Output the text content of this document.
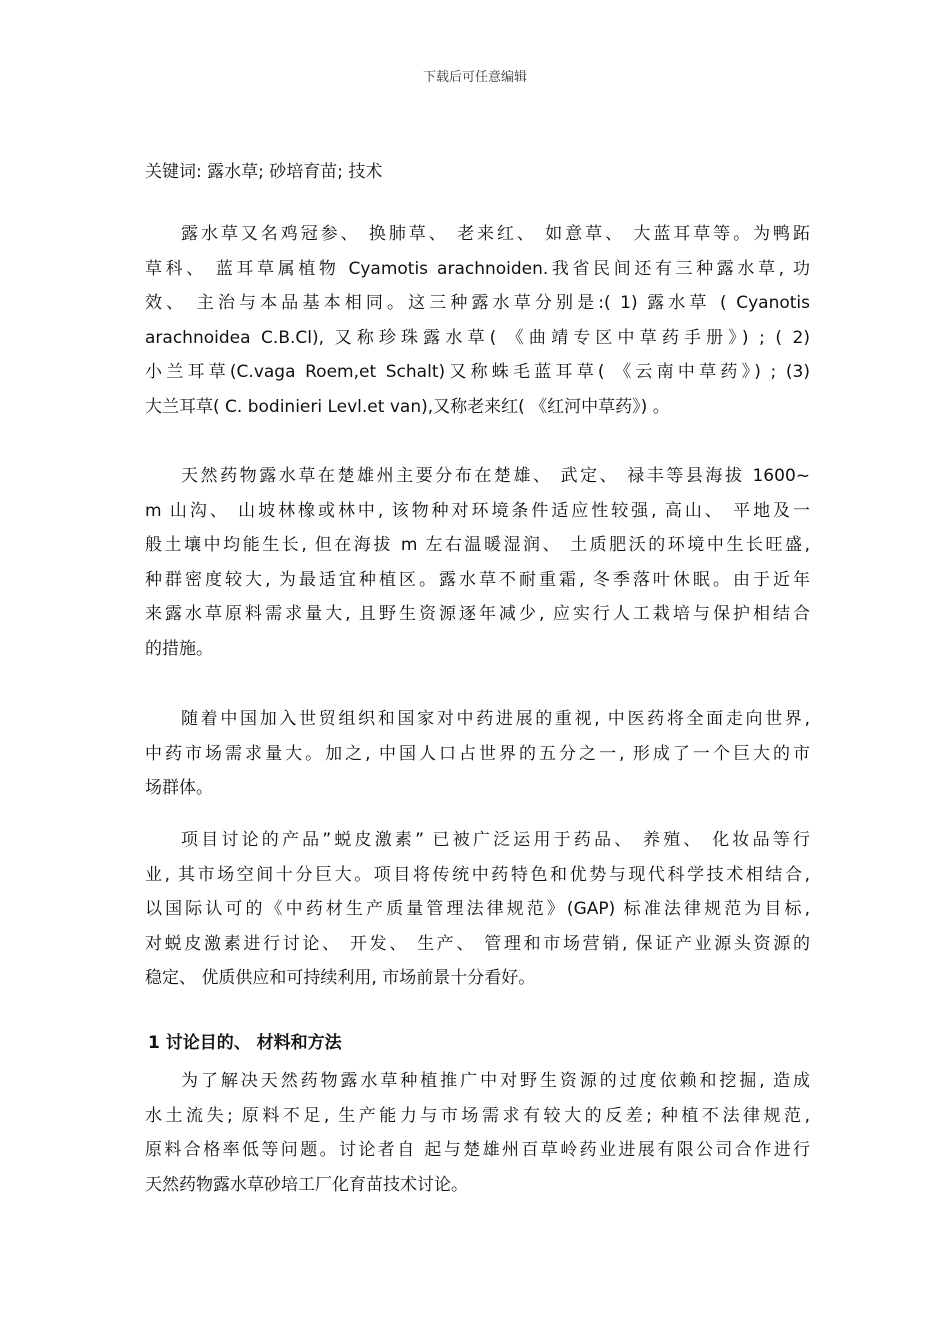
下载后可任意编辑
关键词: 露水草; 砂培育苗; 技术
露水草又名鸡冠参、 换肺草、 老来红、 如意草、 大蓝耳草等。为鸭跖
草科、 蓝耳草属植物 Cyamotis arachnoiden.我省民间还有三种露水草, 功
效、 主治与本品基本相同。这三种露水草分别是:( 1) 露水草 ( Cyanotis
arachnoidea C.B.Cl), 又称珍珠露水草( 《曲靖专区中草药手册》) ; ( 2)
小兰耳草(C.vaga Roem,et Schalt)又称蛛毛蓝耳草( 《云南中草药》) ; (3)
大兰耳草( C. bodinieri Levl.et van),又称老来红( 《红河中草药》) 。
天然药物露水草在楚雄州主要分布在楚雄、 武定、 禄丰等县海拔 1600~
m 山沟、 山坡林橡或林中, 该物种对环境条件适应性较强, 高山、 平地及一
般土壤中均能生长, 但在海拔 m 左右温暖湿润、 土质肥沃的环境中生长旺盛,
种群密度较大, 为最适宜种植区。露水草不耐重霜, 冬季落叶休眠。由于近年
来露水草原料需求量大, 且野生资源逐年减少, 应实行人工栽培与保护相结合
的措施。
随着中国加入世贸组织和国家对中药进展的重视, 中医药将全面走向世界,
中药市场需求量大。加之, 中国人口占世界的五分之一, 形成了一个巨大的市
场群体。
项目讨论的产品”蜕皮激素” 已被广泛运用于药品、 养殖、 化妆品等行
业, 其市场空间十分巨大。项目将传统中药特色和优势与现代科学技术相结合,
以国际认可的《中药材生产质量管理法律规范》(GAP) 标准法律规范为目标,
对蜕皮激素进行讨论、 开发、 生产、 管理和市场营销, 保证产业源头资源的
稳定、 优质供应和可持续利用, 市场前景十分看好。
1 讨论目的、 材料和方法
为了解决天然药物露水草种植推广中对野生资源的过度依赖和挖掘, 造成
水土流失; 原料不足, 生产能力与市场需求有较大的反差; 种植不法律规范,
原料合格率低等问题。讨论者自 起与楚雄州百草岭药业进展有限公司合作进行
天然药物露水草砂培工厂化育苗技术讨论。
